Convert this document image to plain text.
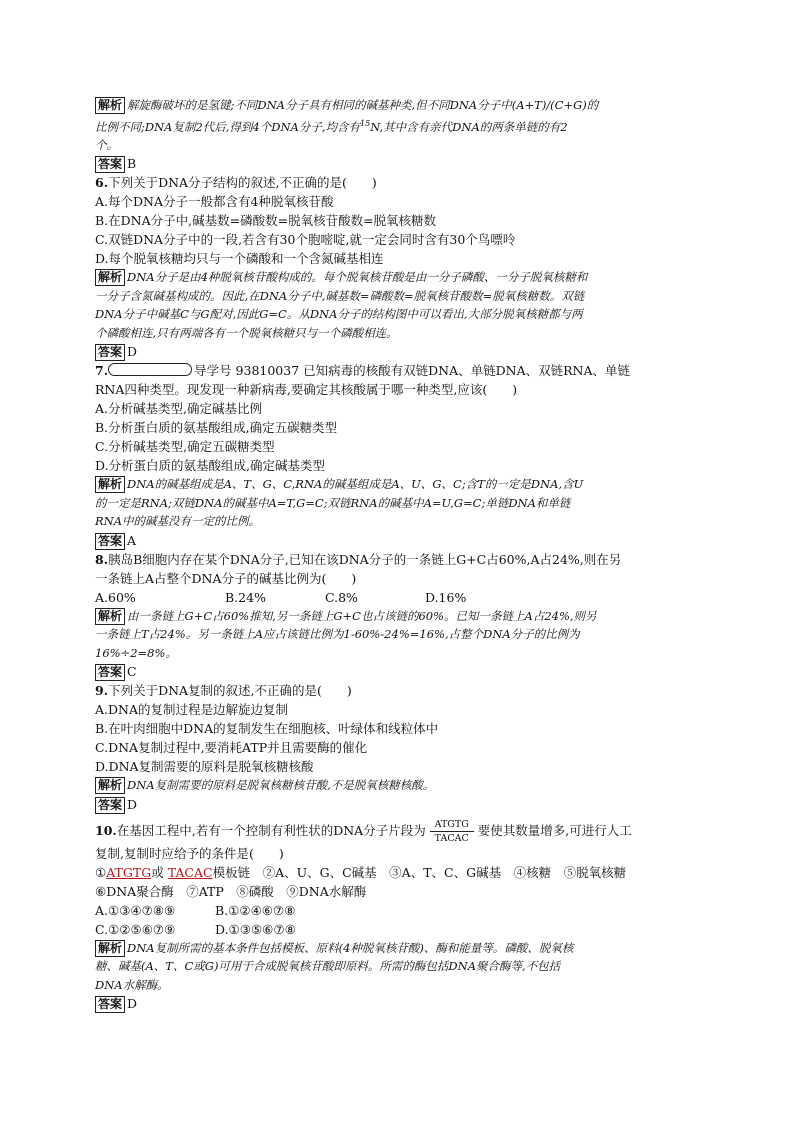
解析 解旋酶破坏的是氢键;不同DNA分子具有相同的碱基种类,但不同DNA分子中(A+T)/(C+G)的
比例不同;DNA复制2代后,得到4个DNA分子,均含有$^{15}$N,其中含有亲代DNA的两条单链的有2
个。
答案 B
6.下列关于DNA分子结构的叙述,不正确的是(　　)
A.每个DNA分子一般都含有4种脱氧核苷酸
B.在DNA分子中,碱基数=磷酸数=脱氧核苷酸数=脱氧核糖数
C.双链DNA分子中的一段,若含有30个胞嘧啶,就一定会同时含有30个鸟嘌呤
D.每个脱氧核糖均只与一个磷酸和一个含氮碱基相连
解析 DNA分子是由4种脱氧核苷酸构成的。每个脱氧核苷酸是由一分子磷酸、一分子脱氧核糖和
一分子含氮碱基构成的。因此,在DNA分子中,碱基数=磷酸数=脱氧核苷酸数=脱氧核糖数。双链
DNA分子中碱基C与G配对,因此G=C。从DNA分子的结构图中可以看出,大部分脱氧核糖都与两
个磷酸相连,只有两端各有一个脱氧核糖只与一个磷酸相连。
答案 D
7.	导学号 93810037 已知病毒的核酸有双链DNA、单链DNA、双链RNA、单链
RNA四种类型。现发现一种新病毒,要确定其核酸属于哪一种类型,应该(　　)
A.分析碱基类型,确定碱基比例
B.分析蛋白质的氨基酸组成,确定五碳糖类型
C.分析碱基类型,确定五碳糖类型
D.分析蛋白质的氨基酸组成,确定碱基类型
解析 DNA的碱基组成是A、T、G、C,RNA的碱基组成是A、U、G、C;含T的一定是DNA,含U
的一定是RNA;双链DNA的碱基中A=T,G=C;双链RNA的碱基中A=U,G=C;单链DNA和单链
RNA中的碱基没有一定的比例。
答案 A
8.胰岛B细胞内存在某个DNA分子,已知在该DNA分子的一条链上G+C占60%,A占24%,则在另
一条链上A占整个DNA分子的碱基比例为(　　)
A.60%	B.24%	C.8%	D.16%
解析 由一条链上G+C占60%推知,另一条链上G+C也占该链的60%。已知一条链上A占24%,则另
一条链上T占24%。另一条链上A应占该链比例为1-60%-24%=16%,占整个DNA分子的比例为
16%÷2=8%。
答案 C
9.下列关于DNA复制的叙述,不正确的是(　　)
A.DNA的复制过程是边解旋边复制
B.在叶肉细胞中DNA的复制发生在细胞核、叶绿体和线粒体中
C.DNA复制过程中,要消耗ATP并且需要酶的催化
D.DNA复制需要的原料是脱氧核糖核酸
解析 DNA复制需要的原料是脱氧核糖核苷酸,不是脱氧核糖核酸。
答案 D
10.在基因工程中,若有一个控制有利性状的DNA分子片段为 $\frac{\text{ATGTG}}{\text{TACAC}}$ 要使其数量增多,可进行人工
复制,复制时应给予的条件是(　　)
①ATGTG或 TACAC模板链　②A、U、G、C碱基　③A、T、C、G碱基　④核糖　⑤脱氧核糖
⑥DNA聚合酶　⑦ATP　⑧磷酸　⑨DNA水解酶
A.①③④⑦⑧⑨	B.①②④⑥⑦⑧
C.①②⑤⑥⑦⑨	D.①③⑤⑥⑦⑧
解析 DNA复制所需的基本条件包括模板、原料(4种脱氧核苷酸)、酶和能量等。磷酸、脱氧核
糖、碱基(A、T、C或G)可用于合成脱氧核苷酸即原料。所需的酶包括DNA聚合酶等,不包括
DNA水解酶。
答案 D
